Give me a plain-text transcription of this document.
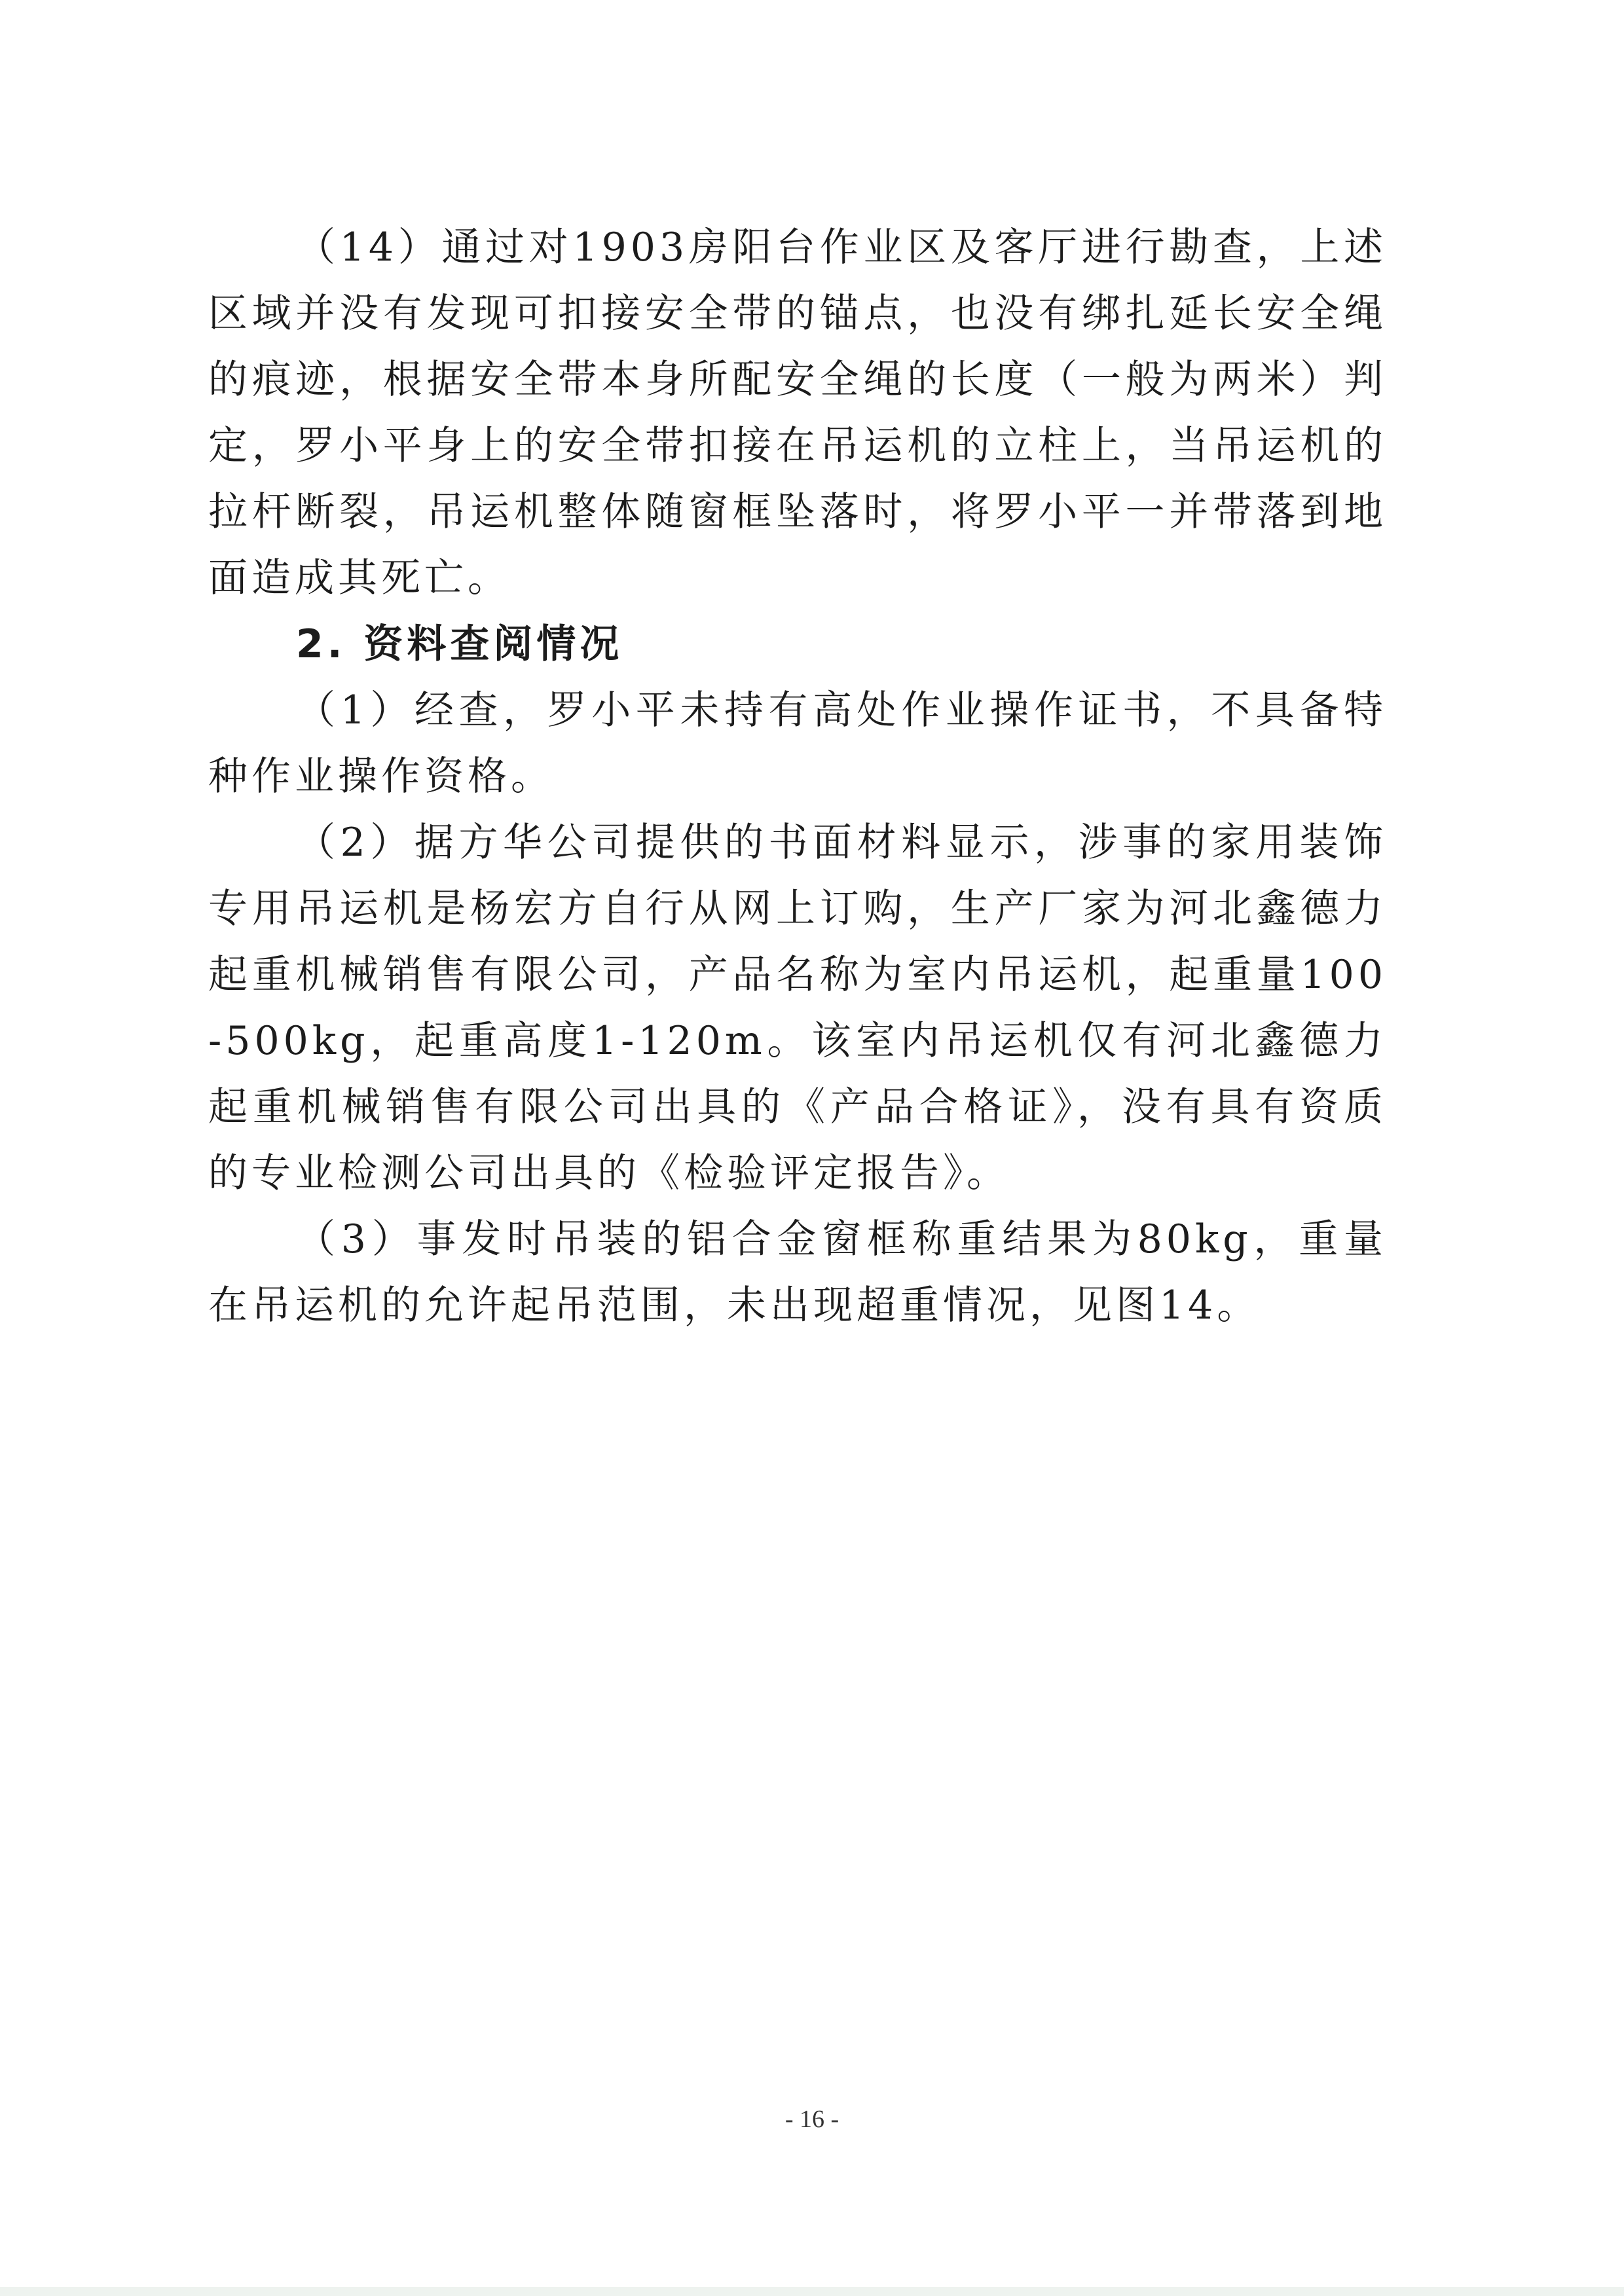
（14）通过对1903房阳台作业区及客厅进行勘查，上述区域并没有发现可扣接安全带的锚点，也没有绑扎延长安全绳的痕迹，根据安全带本身所配安全绳的长度（一般为两米）判定，罗小平身上的安全带扣接在吊运机的立柱上，当吊运机的拉杆断裂，吊运机整体随窗框坠落时，将罗小平一并带落到地面造成其死亡。

2. 资料查阅情况

（1）经查，罗小平未持有高处作业操作证书，不具备特种作业操作资格。

（2）据方华公司提供的书面材料显示，涉事的家用装饰专用吊运机是杨宏方自行从网上订购，生产厂家为河北鑫德力起重机械销售有限公司，产品名称为室内吊运机，起重量100-500kg，起重高度1-120m。该室内吊运机仅有河北鑫德力起重机械销售有限公司出具的《产品合格证》，没有具有资质的专业检测公司出具的《检验评定报告》。

（3）事发时吊装的铝合金窗框称重结果为80kg，重量在吊运机的允许起吊范围，未出现超重情况，见图14。

- 16 -
